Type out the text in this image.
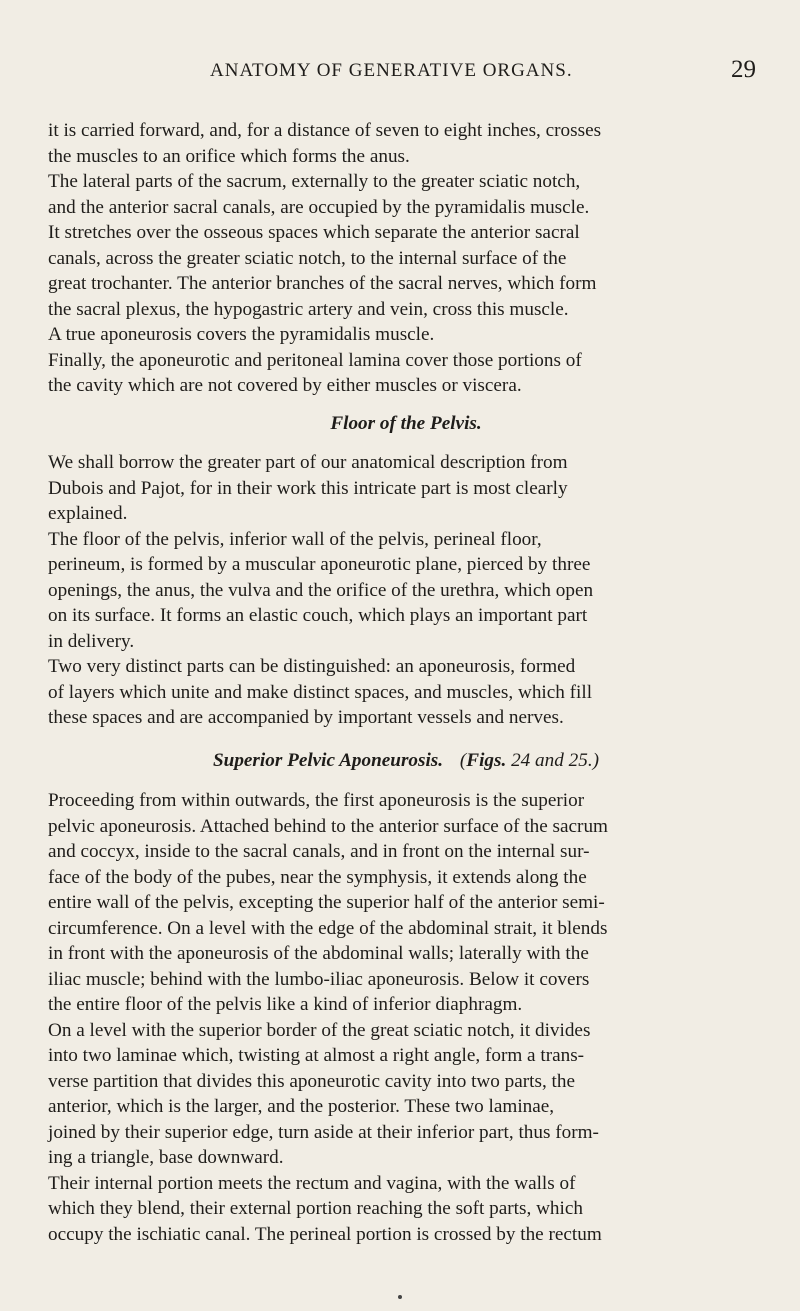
ANATOMY OF GENERATIVE ORGANS.	29
it is carried forward, and, for a distance of seven to eight inches, crosses
the muscles to an orifice which forms the anus.
The lateral parts of the sacrum, externally to the greater sciatic notch,
and the anterior sacral canals, are occupied by the pyramidalis muscle.
It stretches over the osseous spaces which separate the anterior sacral
canals, across the greater sciatic notch, to the internal surface of the
great trochanter. The anterior branches of the sacral nerves, which form
the sacral plexus, the hypogastric artery and vein, cross this muscle.
A true aponeurosis covers the pyramidalis muscle.
Finally, the aponeurotic and peritoneal lamina cover those portions of
the cavity which are not covered by either muscles or viscera.
Floor of the Pelvis.
We shall borrow the greater part of our anatomical description from
Dubois and Pajot, for in their work this intricate part is most clearly
explained.
The floor of the pelvis, inferior wall of the pelvis, perineal floor,
perineum, is formed by a muscular aponeurotic plane, pierced by three
openings, the anus, the vulva and the orifice of the urethra, which open
on its surface. It forms an elastic couch, which plays an important part
in delivery.
Two very distinct parts can be distinguished: an aponeurosis, formed
of layers which unite and make distinct spaces, and muscles, which fill
these spaces and are accompanied by important vessels and nerves.
Superior Pelvic Aponeurosis. (Figs. 24 and 25.)
Proceeding from within outwards, the first aponeurosis is the superior
pelvic aponeurosis. Attached behind to the anterior surface of the sacrum
and coccyx, inside to the sacral canals, and in front on the internal sur-
face of the body of the pubes, near the symphysis, it extends along the
entire wall of the pelvis, excepting the superior half of the anterior semi-
circumference. On a level with the edge of the abdominal strait, it blends
in front with the aponeurosis of the abdominal walls; laterally with the
iliac muscle; behind with the lumbo-iliac aponeurosis. Below it covers
the entire floor of the pelvis like a kind of inferior diaphragm.
On a level with the superior border of the great sciatic notch, it divides
into two laminae which, twisting at almost a right angle, form a trans-
verse partition that divides this aponeurotic cavity into two parts, the
anterior, which is the larger, and the posterior. These two laminae,
joined by their superior edge, turn aside at their inferior part, thus form-
ing a triangle, base downward.
Their internal portion meets the rectum and vagina, with the walls of
which they blend, their external portion reaching the soft parts, which
occupy the ischiatic canal. The perineal portion is crossed by the rectum
